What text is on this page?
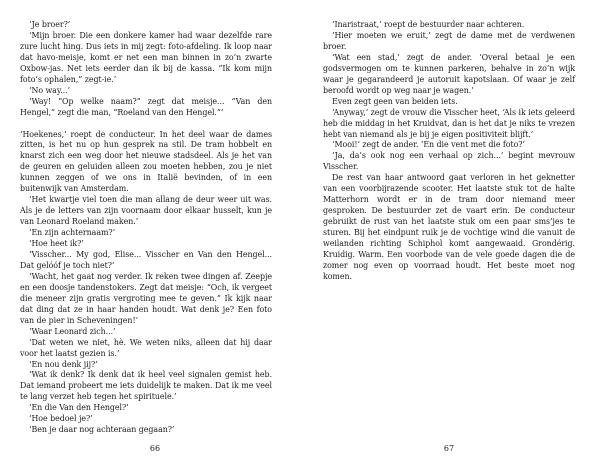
‘Je broer?’

‘Mijn broer. Die een donkere kamer had waar dezelfde rare zure lucht hing. Dus iets in mij zegt: foto-afdeling. Ik loop naar dat havo-meisje, komt er net een man binnen in zo’n zwarte Oxbow-jas. Net iets eerder dan ik bij de kassa. “Ik kom mijn foto’s ophalen,” zegt-ie.’

‘No way...’

‘Way! “Op welke naam?” zegt dat meisje... “Van den Hengel,” zegt die man, “Roeland van den Hengel.”’

‘Hoekenes,’ roept de conducteur. In het deel waar de dames zitten, is het nu op hun gesprek na stil. De tram hobbelt en knarst zich een weg door het nieuwe stadsdeel. Als je het van de geuren en geluiden alleen zou moeten hebben, zou je niet kunnen zeggen of we ons in Italië bevinden, of in een buitenwijk van Amsterdam.

‘Het kwartje viel toen die man allang de deur weer uit was. Als je de letters van zijn voornaam door elkaar husselt, kun je van Leonard Roeland maken.’

‘En zijn achternaam?’

‘Hoe heet ik?’

‘Visscher... My god, Elise... Visscher en Van den Hengel... Dat gelóóf je toch niet?’

‘Wacht, het gaat nog verder. Ik reken twee dingen af. Zeepje en een doosje tandenstokers. Zegt dat meisje: “Och, ik vergeet die meneer zijn gratis vergroting mee te geven.” Ik kijk naar dat ding dat ze in haar handen houdt. Wat denk je? Een foto van de pier in Scheveningen!’

‘Waar Leonard zich...’

‘Dat weten we niet, hè. We weten niks, alleen dat hij daar voor het laatst gezien is.’

‘En nou denk jij?’

‘Wat ik denk? Ik denk dat ik heel veel signalen gemist heb. Dat iemand probeert me iets duidelijk te maken. Dat ik me veel te lang verzet heb tegen het spirituele.’

‘En die Van den Hengel?’

‘Hoe bedoel je?’

‘Ben je daar nog achteraan gegaan?’

66

‘Inaristraat,’ roept de bestuurder naar achteren.

‘Hier moeten we eruit,’ zegt de dame met de verdwenen broer.

‘Wat een stad,’ zegt de ander. ‘Overal betaal je een godsvermogen om te kunnen parkeren, behalve in zo’n wijk waar je gegarandeerd je autoruit kapotslaan. Of waar je zelf beroofd wordt op weg naar je wagen.’

Even zegt geen van beiden iets.

‘Anyway,’ zegt de vrouw die Visscher heet, ‘Als ik iets geleerd heb die middag in het Kruidvat, dan is het dat je niks te vrezen hebt van niemand als je bij je eigen positiviteit blijft.’

‘Mooi!’ zegt de ander. ‘En die vent met die foto?’

‘Ja, da’s ook nog een verhaal op zich...’ begint mevrouw Visscher.

De rest van haar antwoord gaat verloren in het geknetter van een voorbijrazende scooter. Het laatste stuk tot de halte Matterhorn wordt er in de tram door niemand meer gesproken. De bestuurder zet de vaart erin. De conducteur gebruikt de rust van het laatste stuk om een paar sms’jes te sturen. Bij het eindpunt ruik je de vochtige wind die vanuit de weilanden richting Schiphol komt aangewaaid. Grondérig. Kruidig. Warm. Een voorbode van de vele goede dagen die de zomer nog even op voorraad houdt. Het beste moet nog komen.

67
